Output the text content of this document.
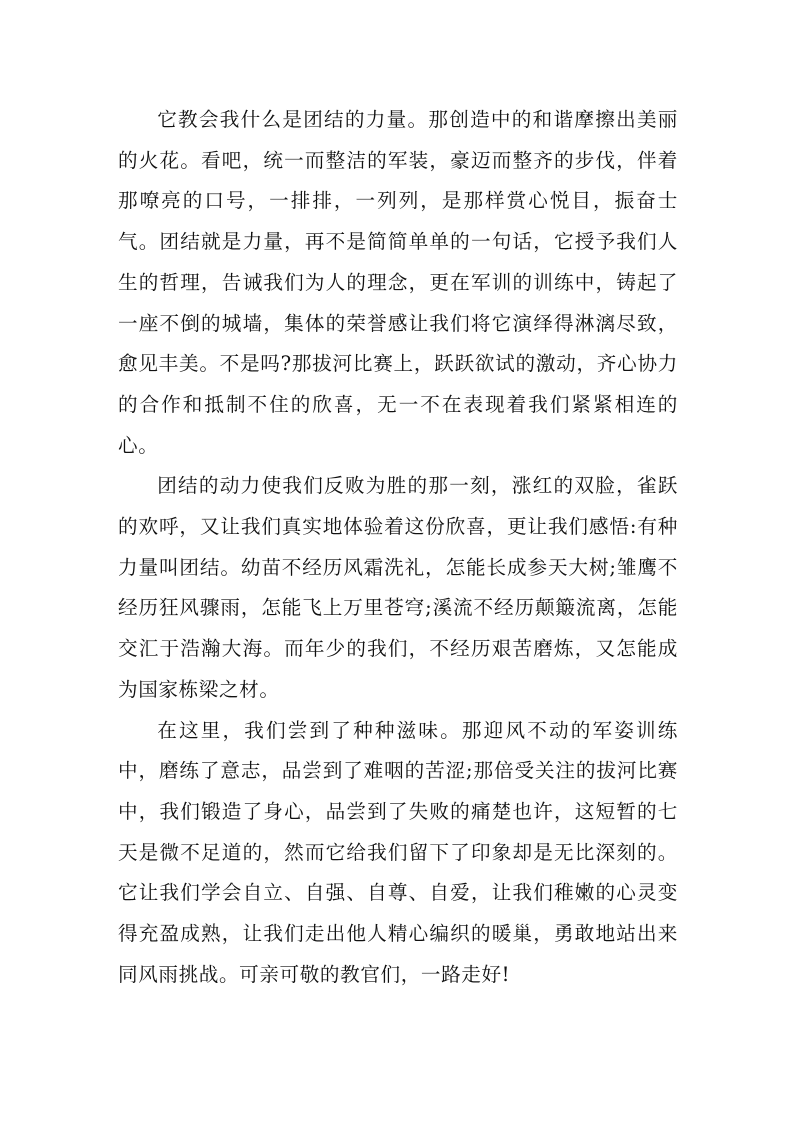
它教会我什么是团结的力量。那创造中的和谐摩擦出美丽的火花。看吧，统一而整洁的军装，豪迈而整齐的步伐，伴着那嘹亮的口号，一排排，一列列，是那样赏心悦目，振奋士气。团结就是力量，再不是简简单单的一句话，它授予我们人生的哲理，告诫我们为人的理念，更在军训的训练中，铸起了一座不倒的城墙，集体的荣誉感让我们将它演绎得淋漓尽致，愈见丰美。不是吗?那拔河比赛上，跃跃欲试的激动，齐心协力的合作和抵制不住的欣喜，无一不在表现着我们紧紧相连的心。

团结的动力使我们反败为胜的那一刻，涨红的双脸，雀跃的欢呼，又让我们真实地体验着这份欣喜，更让我们感悟:有种力量叫团结。幼苗不经历风霜洗礼，怎能长成参天大树;雏鹰不经历狂风骤雨，怎能飞上万里苍穹;溪流不经历颠簸流离，怎能交汇于浩瀚大海。而年少的我们，不经历艰苦磨炼，又怎能成为国家栋梁之材。

在这里，我们尝到了种种滋味。那迎风不动的军姿训练中，磨练了意志，品尝到了难咽的苦涩;那倍受关注的拔河比赛中，我们锻造了身心，品尝到了失败的痛楚也许，这短暂的七天是微不足道的，然而它给我们留下了印象却是无比深刻的。它让我们学会自立、自强、自尊、自爱，让我们稚嫩的心灵变得充盈成熟，让我们走出他人精心编织的暖巢，勇敢地站出来同风雨挑战。可亲可敬的教官们，一路走好!
